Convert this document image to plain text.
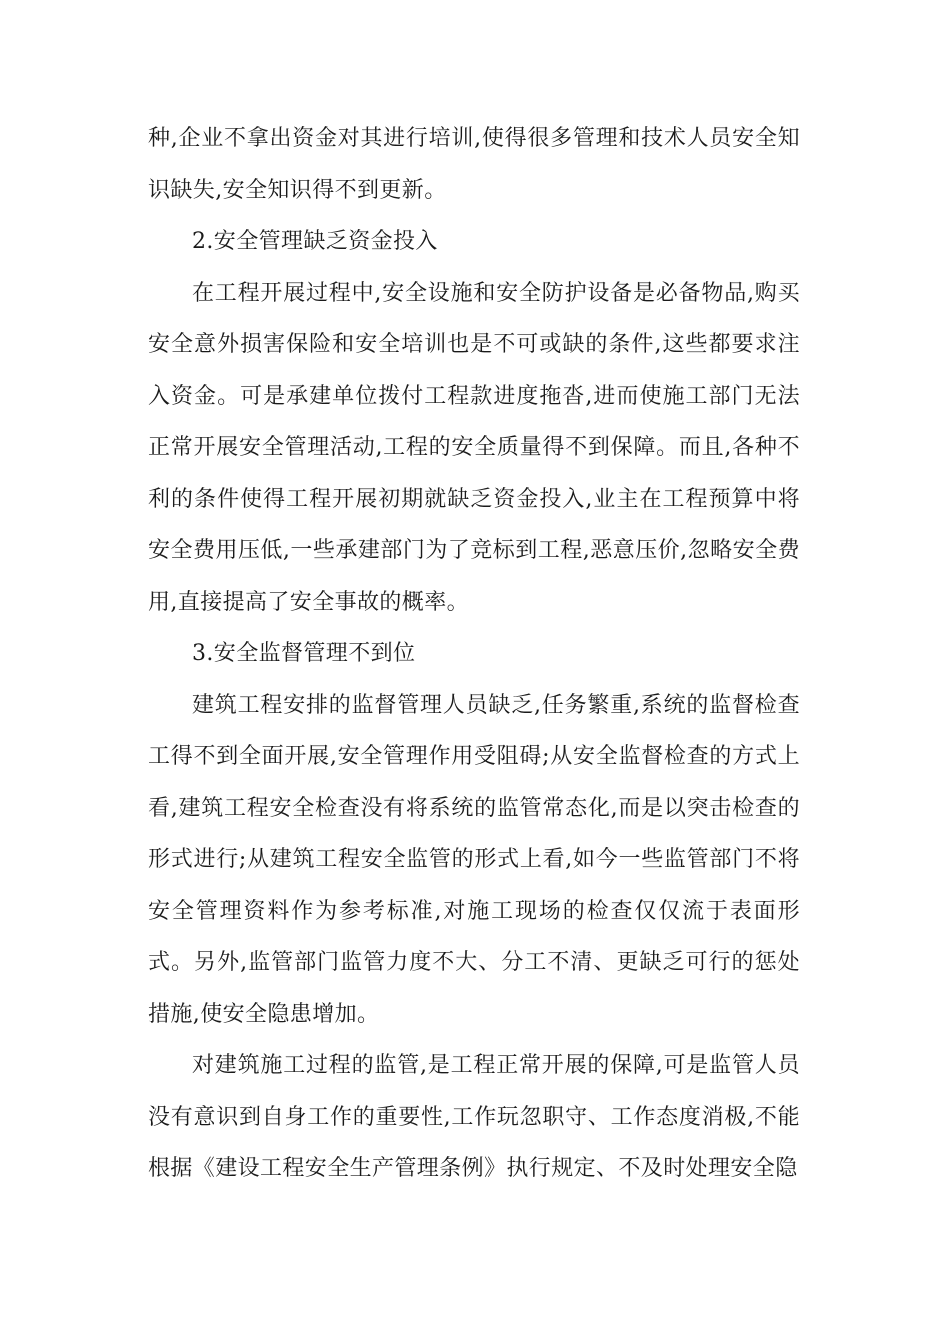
种,企业不拿出资金对其进行培训,使得很多管理和技术人员安全知识缺失,安全知识得不到更新。

2.安全管理缺乏资金投入

在工程开展过程中,安全设施和安全防护设备是必备物品,购买安全意外损害保险和安全培训也是不可或缺的条件,这些都要求注入资金。可是承建单位拨付工程款进度拖沓,进而使施工部门无法正常开展安全管理活动,工程的安全质量得不到保障。而且,各种不利的条件使得工程开展初期就缺乏资金投入,业主在工程预算中将安全费用压低,一些承建部门为了竞标到工程,恶意压价,忽略安全费用,直接提高了安全事故的概率。

3.安全监督管理不到位

建筑工程安排的监督管理人员缺乏,任务繁重,系统的监督检查工得不到全面开展,安全管理作用受阻碍;从安全监督检查的方式上看,建筑工程安全检查没有将系统的监管常态化,而是以突击检查的形式进行;从建筑工程安全监管的形式上看,如今一些监管部门不将安全管理资料作为参考标准,对施工现场的检查仅仅流于表面形式。另外,监管部门监管力度不大、分工不清、更缺乏可行的惩处措施,使安全隐患增加。

对建筑施工过程的监管,是工程正常开展的保障,可是监管人员没有意识到自身工作的重要性,工作玩忽职守、工作态度消极,不能根据《建设工程安全生产管理条例》执行规定、不及时处理安全隐
